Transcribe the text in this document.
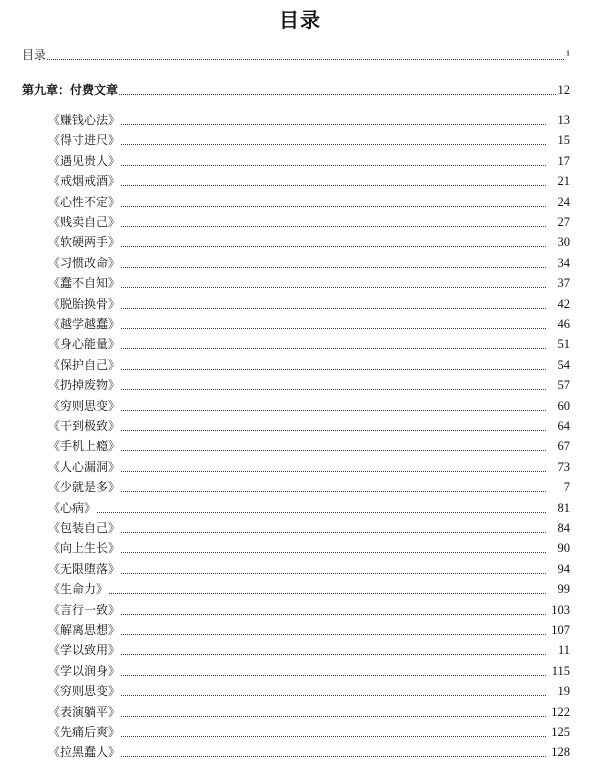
目录
目录	¹
第九章：付费文章	12
《赚钱心法》	13
《得寸进尺》	15
《遇见贵人》	17
《戒烟戒酒》	21
《心性不定》	24
《贱卖自己》	27
《软硬两手》	30
《习惯改命》	34
《蠢不自知》	37
《脱胎换骨》	42
《越学越蠢》	46
《身心能量》	51
《保护自己》	54
《扔掉废物》	57
《穷则思变》	60
《干到极致》	64
《手机上瘾》	67
《人心漏洞》	73
《少就是多》	7
《心病》	81
《包装自己》	84
《向上生长》	90
《无限堕落》	94
《生命力》	99
《言行一致》	103
《解离思想》	107
《学以致用》	11
《学以润身》	115
《穷则思变》	19
《表演躺平》	122
《先痛后爽》	125
《拉黑蠢人》	128
